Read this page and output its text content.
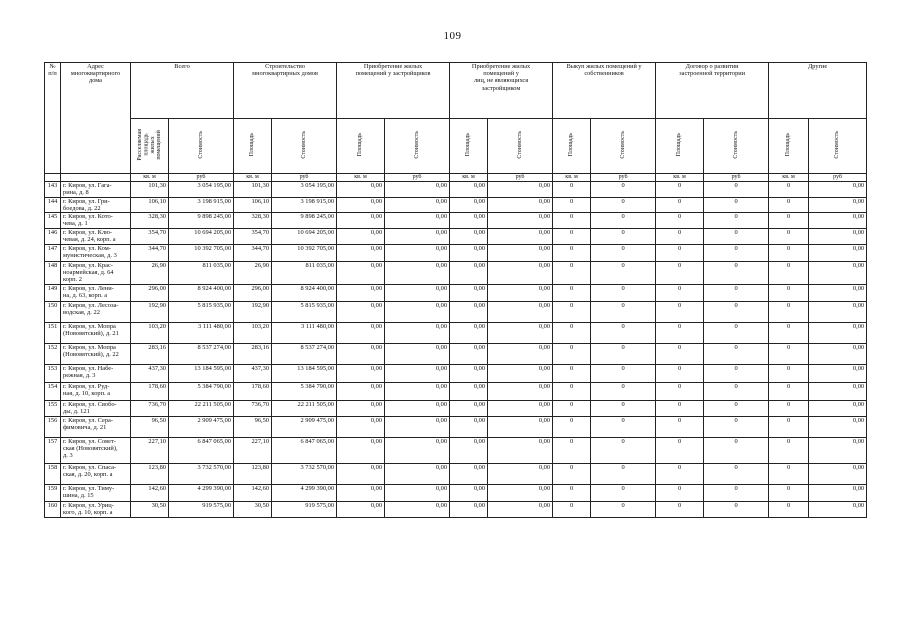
109
№
п/п	Адрес
многоквартирного
дома	Всего		Строительство
многоквартирных домов		Приобретение жилых
помещений у застройщиков		Приобретение жилых
помещений у
лиц, не являющихся
застройщиком		Выкуп жилых помещений у
собственников		Договор о развитии
застроенной территории		Другие	
		Расселяемая
площадь
жилых
помещений	Стоимость	Площадь	Стоимость	Площадь	Стоимость	Площадь	Стоимость	Площадь	Стоимость	Площадь	Стоимость	Площадь	Стоимость
		кв. м	руб	кв. м	руб	кв. м	руб	кв. м	руб	кв. м	руб	кв. м	руб	кв. м	руб
143	г. Киров, ул. Гага-
рина, д. 8	101,30	3 054 195,00	101,30	3 054 195,00	0,00	0,00	0,00	0,00	0	0	0	0	0	0,00
144	г. Киров, ул. Гри-
боедова, д. 22	106,10	3 198 915,00	106,10	3 198 915,00	0,00	0,00	0,00	0,00	0	0	0	0	0	0,00
145	г. Киров, ул. Кото-
чева, д. 1	328,30	9 898 245,00	328,30	9 898 245,00	0,00	0,00	0,00	0,00	0	0	0	0	0	0,00
146	г. Киров, ул. Клю-
чевая, д. 24, корп. а	354,70	10 694 205,00	354,70	10 694 205,00	0,00	0,00	0,00	0,00	0	0	0	0	0	0,00
147	г. Киров, ул. Ком-
мунистическая, д. 3	344,70	10 392 705,00	344,70	10 392 705,00	0,00	0,00	0,00	0,00	0	0	0	0	0	0,00
148	г. Киров, ул. Крас-
ноармейская, д. 64
корп. 2	26,90	811 035,00	26,90	811 035,00	0,00	0,00	0,00	0,00	0	0	0	0	0	0,00
149	г. Киров, ул. Лени-
на, д. 63, корп. а	296,00	8 924 400,00	296,00	8 924 400,00	0,00	0,00	0,00	0,00	0	0	0	0	0	0,00
150	г. Киров, ул. Лесоза-
водская, д. 22	192,90	5 815 935,00	192,90	5 815 935,00	0,00	0,00	0,00	0,00	0	0	0	0	0	0,00
151	г. Киров, ул. Мопра
(Нововятский), д. 21	103,20	3 111 480,00	103,20	3 111 480,00	0,00	0,00	0,00	0,00	0	0	0	0	0	0,00
152	г. Киров, ул. Мопра
(Нововятский), д. 22	283,16	8 537 274,00	283,16	8 537 274,00	0,00	0,00	0,00	0,00	0	0	0	0	0	0,00
153	г. Киров, ул. Набе-
режная, д. 3	437,30	13 184 595,00	437,30	13 184 595,00	0,00	0,00	0,00	0,00	0	0	0	0	0	0,00
154	г. Киров, ул. Руд-
ная, д. 10, корп. а	178,60	5 384 790,00	178,60	5 384 790,00	0,00	0,00	0,00	0,00	0	0	0	0	0	0,00
155	г. Киров, ул. Свобо-
ды, д. 121	736,70	22 211 505,00	736,70	22 211 505,00	0,00	0,00	0,00	0,00	0	0	0	0	0	0,00
156	г. Киров, ул. Сера-
фимовича, д. 21	96,50	2 909 475,00	96,50	2 909 475,00	0,00	0,00	0,00	0,00	0	0	0	0	0	0,00
157	г. Киров, ул. Совет-
ская (Нововятский),
д. 3	227,10	6 847 065,00	227,10	6 847 065,00	0,00	0,00	0,00	0,00	0	0	0	0	0	0,00
158	г. Киров, ул. Спаса-
ская, д. 20, корп. а	123,80	3 732 570,00	123,80	3 732 570,00	0,00	0,00	0,00	0,00	0	0	0	0	0	0,00
159	г. Киров, ул. Тиму-
шина, д. 15	142,60	4 299 390,00	142,60	4 299 390,00	0,00	0,00	0,00	0,00	0	0	0	0	0	0,00
160	г. Киров, ул. Уриц-
кого, д. 10, корп. а	30,50	919 575,00	30,50	919 575,00	0,00	0,00	0,00	0,00	0	0	0	0	0	0,00
